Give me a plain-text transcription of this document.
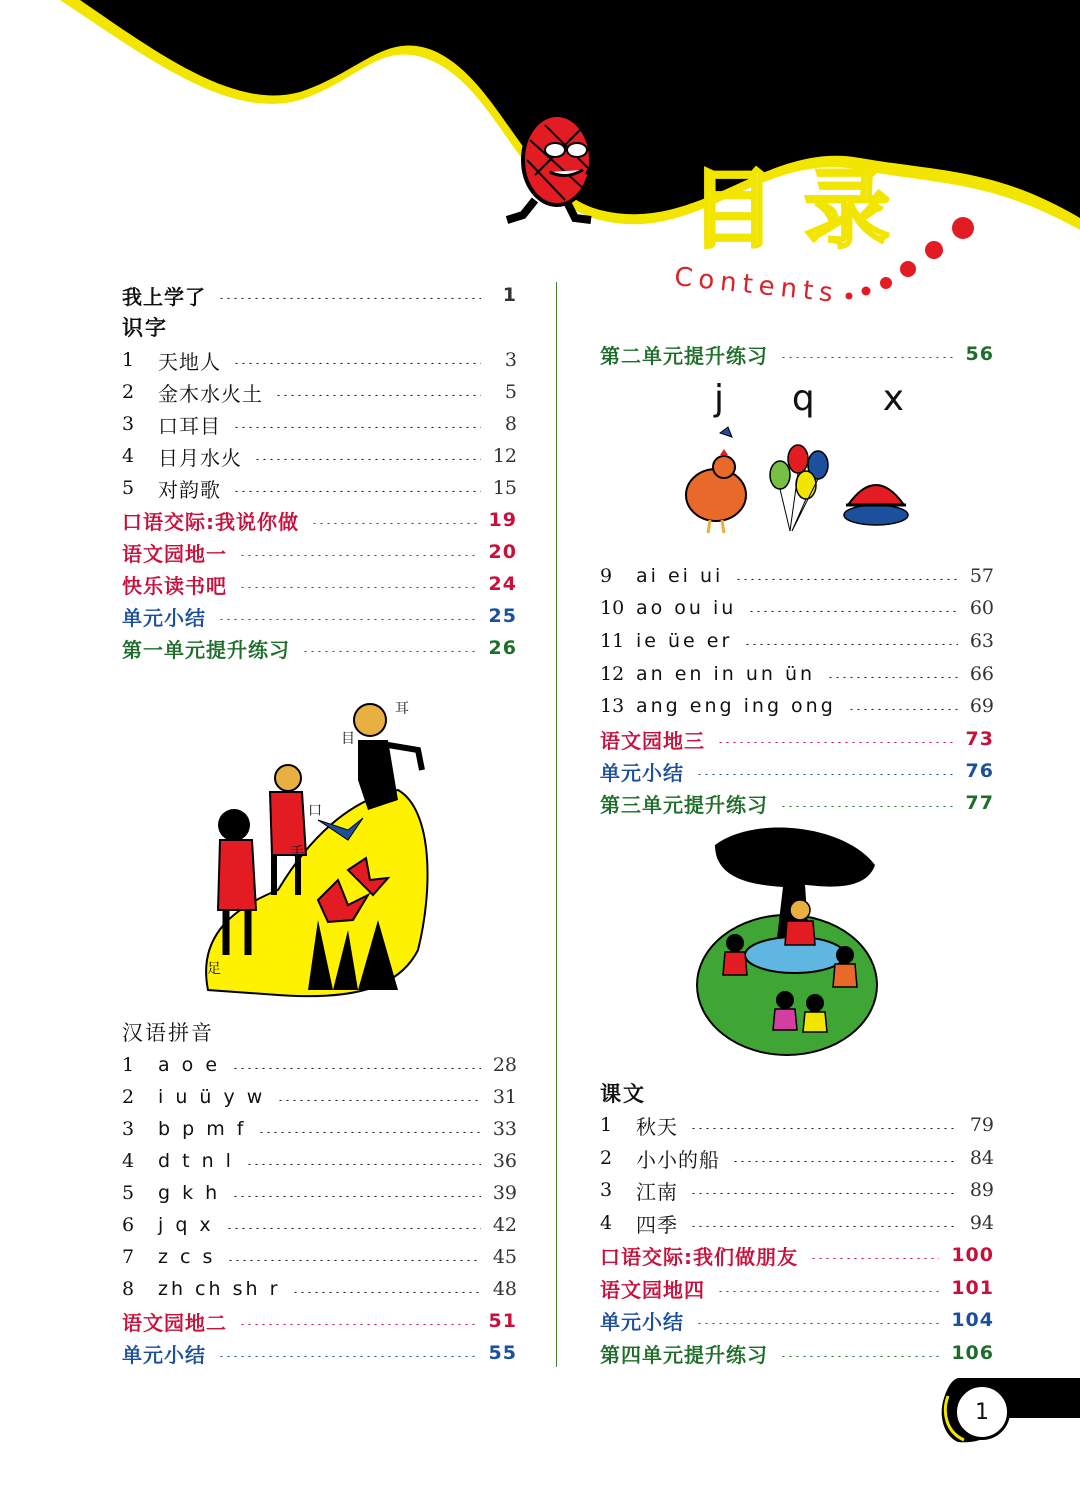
目录
Contents
我上学了	1
识字
1	天地人	3
2	金木水火土	5
3	口耳目	8
4	日月水火	12
5	对韵歌	15
口语交际:我说你做	19
语文园地一	20
快乐读书吧	24
单元小结	25
第一单元提升练习	26
汉语拼音
1	a o e	28
2	i u ü y w	31
3	b p m f	33
4	d t n l	36
5	g k h	39
6	j q x	42
7	z c s	45
8	zh ch sh r	48
语文园地二	51
单元小结	55
耳
目
口
手
足
第二单元提升练习	56
9	ai ei ui	57
10 ao ou iu	60
11 ie üe er	63
12 an en in un ün	66
13 ang eng ing ong	69
语文园地三	73
单元小结	76
第三单元提升练习	77
课文
1	秋天	79
2	小小的船	84
3	江南	89
4	四季	94
口语交际:我们做朋友	100
语文园地四	101
单元小结	104
第四单元提升练习	106
j q x
1
